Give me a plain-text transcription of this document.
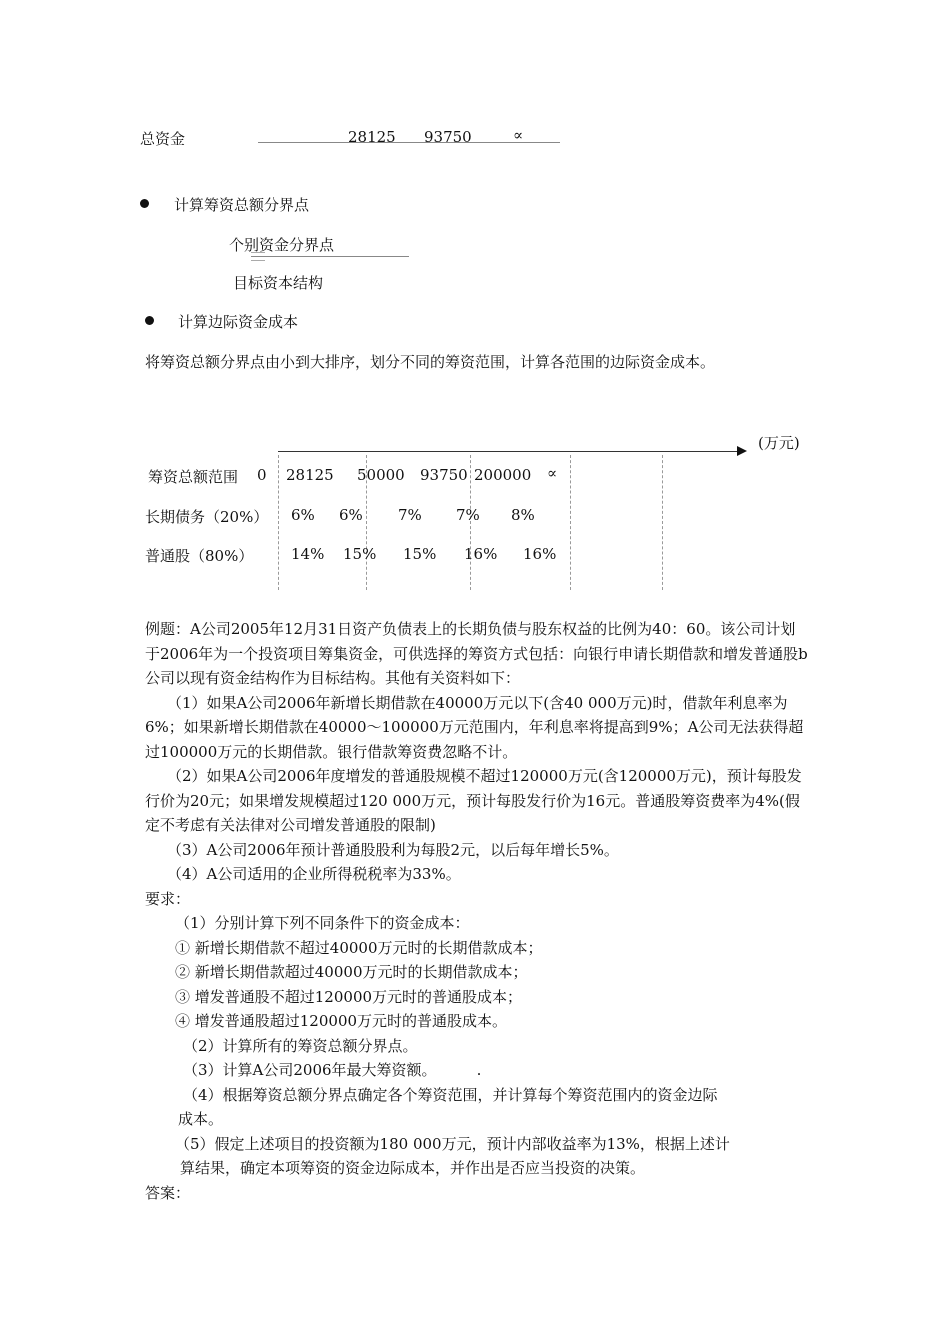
总资金	28125 93750	∝
计算筹资总额分界点
个别资金分界点
目标资本结构
计算边际资金成本
将筹资总额分界点由小到大排序，划分不同的筹资范围，计算各范围的边际资金成本。
(万元)
筹资总额范围 0 28125 50000 93750 200000 ∝
长期债务（20%） 6% 6% 7% 7% 8%
普通股（80%）	14% 15% 15% 16% 16%

例题：A公司2005年12月31日资产负债表上的长期负债与股东权益的比例为40：60。该公司计划于2006年为一个投资项目筹集资金，可供选择的筹资方式包括：向银行申请长期借款和增发普通股b公司以现有资金结构作为目标结构。其他有关资料如下：

（1）如果A公司2006年新增长期借款在40000万元以下(含40 000万元)时，借款年利息率为6%；如果新增长期借款在40000～100000万元范围内，年利息率将提高到9%；A公司无法获得超过100000万元的长期借款。银行借款筹资费忽略不计。

（2）如果A公司2006年度增发的普通股规模不超过120000万元(含120000万元)，预计每股发行价为20元；如果增发规模超过120 000万元，预计每股发行价为16元。普通股筹资费率为4%(假定不考虑有关法律对公司增发普通股的限制)

（3）A公司2006年预计普通股股利为每股2元，以后每年增长5%。

（4）A公司适用的企业所得税税率为33%。

要求：

（1）分别计算下列不同条件下的资金成本：

① 新增长期借款不超过40000万元时的长期借款成本；

② 新增长期借款超过40000万元时的长期借款成本；

③ 增发普通股不超过120000万元时的普通股成本；

④ 增发普通股超过120000万元时的普通股成本。

（2）计算所有的筹资总额分界点。

（3）计算A公司2006年最大筹资额。	.

（4）根据筹资总额分界点确定各个筹资范围，并计算每个筹资范围内的资金边际

成本。

（5）假定上述项目的投资额为180 000万元，预计内部收益率为13%，根据上述计

算结果，确定本项筹资的资金边际成本，并作出是否应当投资的决策。

答案：
